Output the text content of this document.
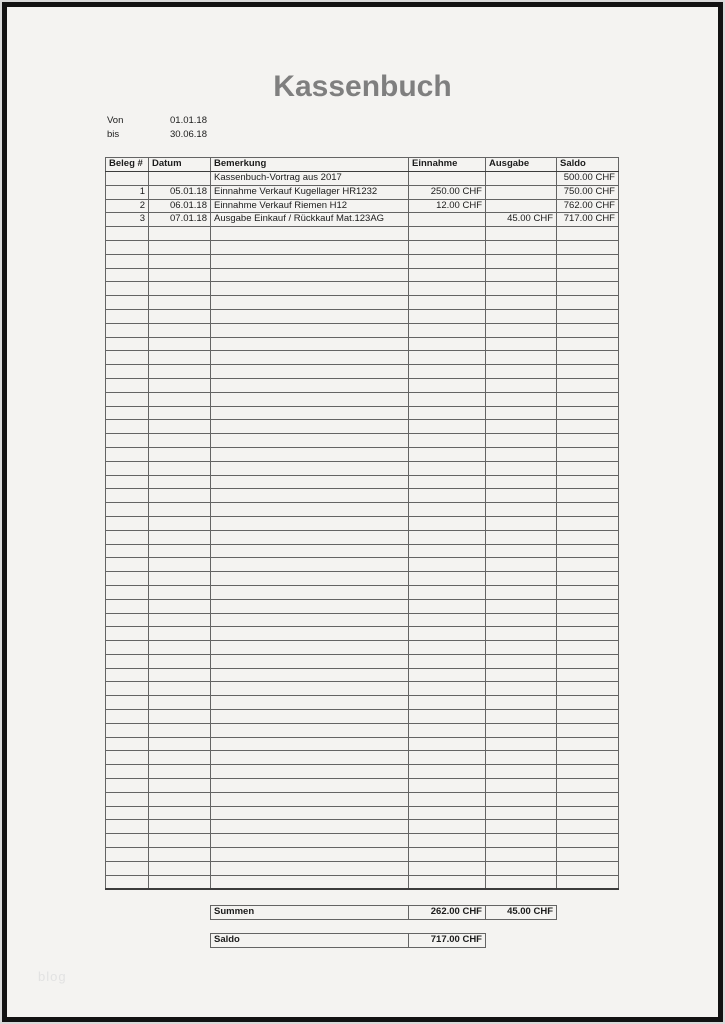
Kassenbuch
Von	01.01.18
bis	30.06.18
Beleg #	Datum	Bemerkung	Einnahme	Ausgabe	Saldo
		Kassenbuch-Vortrag aus 2017			500.00 CHF
1	05.01.18	Einnahme Verkauf Kugellager HR1232	250.00 CHF		750.00 CHF
2	06.01.18	Einnahme Verkauf Riemen H12	12.00 CHF		762.00 CHF
3	07.01.18	Ausgabe Einkauf / Rückkauf Mat.123AG		45.00 CHF	717.00 CHF

Summen	262.00 CHF	45.00 CHF
Saldo	717.00 CHF
blog
